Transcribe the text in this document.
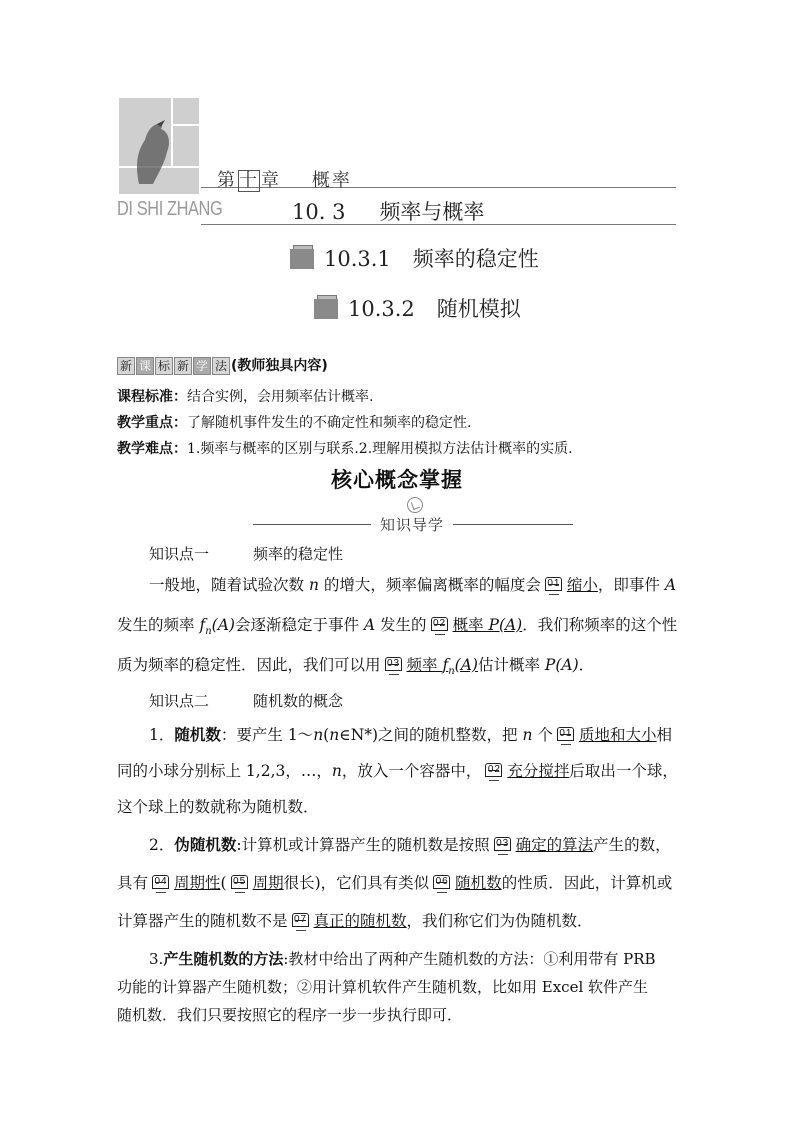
第 十 章 概率
DI SHI ZHANG	10. 3 频率与概率
10.3.1 频率的稳定性
10.3.2 随机模拟
新 课 标 新 学 法 (教师独具内容)
课程标准：结合实例，会用频率估计概率.
教学重点：了解随机事件发生的不确定性和频率的稳定性.
教学难点：1.频率与概率的区别与联系.2.理解用模拟方法估计概率的实质.
核心概念掌握
知识导学
知识点一	频率的稳定性
一般地，随着试验次数 n 的增大，频率偏离概率的幅度会 01 缩小，即事件 A
发生的频率 $f_n(A)$会逐渐稳定于事件 A 发生的 02 概率 P(A)．我们称频率的这个性
质为频率的稳定性．因此，我们可以用 03 频率 $f_n(A)$估计概率 P(A)．
知识点二	随机数的概念
1．随机数：要产生 1～n(n∈N*)之间的随机整数，把 n 个 01 质地和大小相
同的小球分别标上 1,2,3，…，n，放入一个容器中， 02 充分搅拌后取出一个球，
这个球上的数就称为随机数．
2．伪随机数:计算机或计算器产生的随机数是按照 03 确定的算法产生的数，
具有 04 周期性( 05 周期很长)，它们具有类似 06 随机数的性质．因此，计算机或
计算器产生的随机数不是 07 真正的随机数，我们称它们为伪随机数．
3.产生随机数的方法:教材中给出了两种产生随机数的方法：①利用带有 PRB
功能的计算器产生随机数；②用计算机软件产生随机数，比如用 Excel 软件产生
随机数．我们只要按照它的程序一步一步执行即可．
